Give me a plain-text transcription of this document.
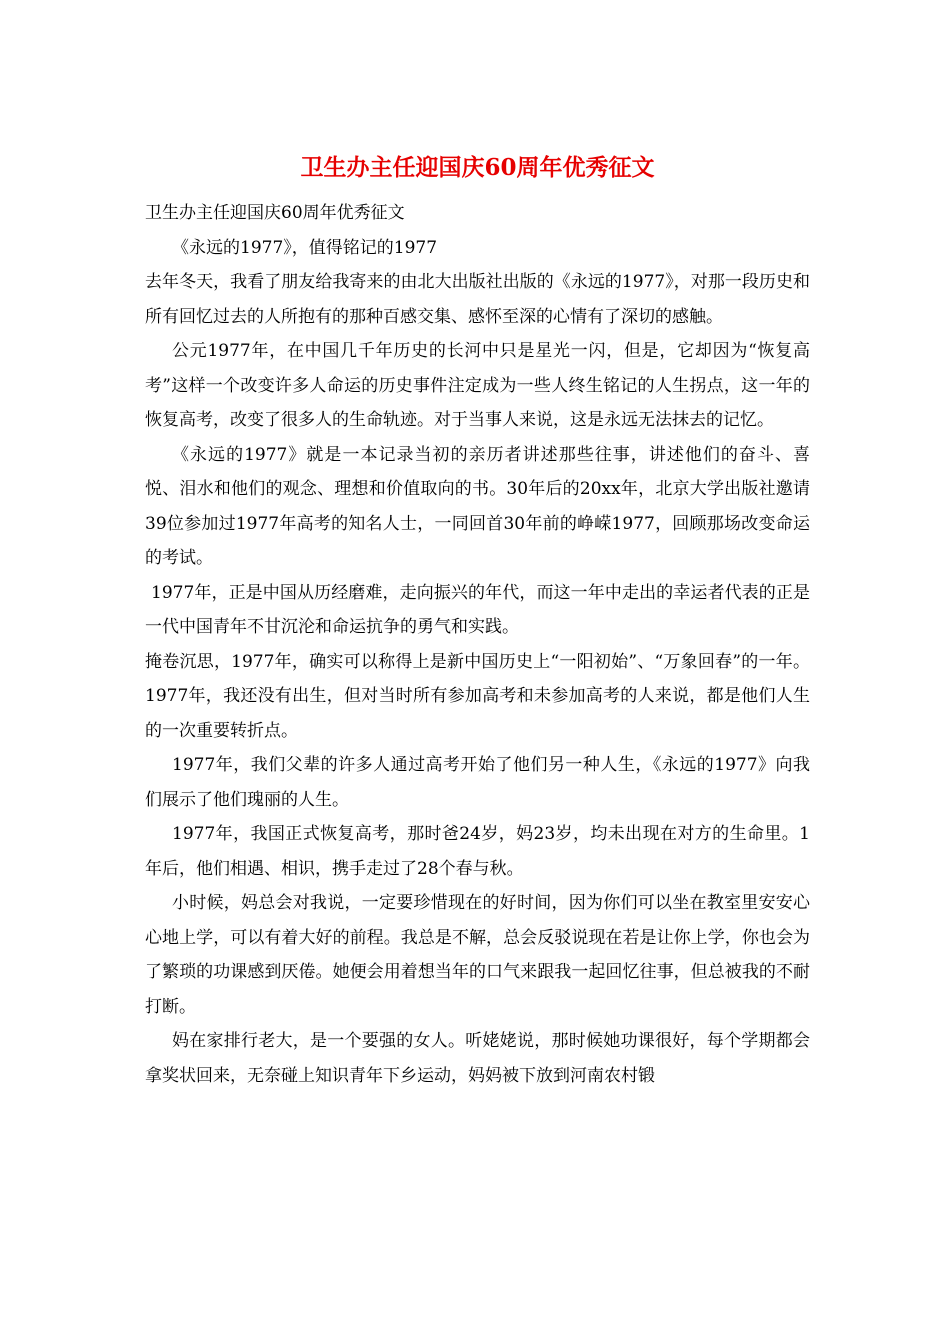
卫生办主任迎国庆60周年优秀征文

卫生办主任迎国庆60周年优秀征文

《永远的1977》，值得铭记的1977

去年冬天，我看了朋友给我寄来的由北大出版社出版的《永远的1977》，对那一段历史和所有回忆过去的人所抱有的那种百感交集、感怀至深的心情有了深切的感触。

公元1977年，在中国几千年历史的长河中只是星光一闪，但是，它却因为“恢复高考”这样一个改变许多人命运的历史事件注定成为一些人终生铭记的人生拐点，这一年的恢复高考，改变了很多人的生命轨迹。对于当事人来说，这是永远无法抹去的记忆。

《永远的1977》就是一本记录当初的亲历者讲述那些往事，讲述他们的奋斗、喜悦、泪水和他们的观念、理想和价值取向的书。30年后的20xx年，北京大学出版社邀请39位参加过1977年高考的知名人士，一同回首30年前的峥嵘1977，回顾那场改变命运的考试。

1977年，正是中国从历经磨难，走向振兴的年代，而这一年中走出的幸运者代表的正是一代中国青年不甘沉沦和命运抗争的勇气和实践。

掩卷沉思，1977年，确实可以称得上是新中国历史上“一阳初始”、“万象回春”的一年。1977年，我还没有出生，但对当时所有参加高考和未参加高考的人来说，都是他们人生的一次重要转折点。

1977年，我们父辈的许多人通过高考开始了他们另一种人生，《永远的1977》向我们展示了他们瑰丽的人生。

1977年，我国正式恢复高考，那时爸24岁，妈23岁，均未出现在对方的生命里。1年后，他们相遇、相识，携手走过了28个春与秋。

小时候，妈总会对我说，一定要珍惜现在的好时间，因为你们可以坐在教室里安安心心地上学，可以有着大好的前程。我总是不解，总会反驳说现在若是让你上学，你也会为了繁琐的功课感到厌倦。她便会用着想当年的口气来跟我一起回忆往事，但总被我的不耐打断。

妈在家排行老大，是一个要强的女人。听姥姥说，那时候她功课很好，每个学期都会拿奖状回来，无奈碰上知识青年下乡运动，妈妈被下放到河南农村锻
